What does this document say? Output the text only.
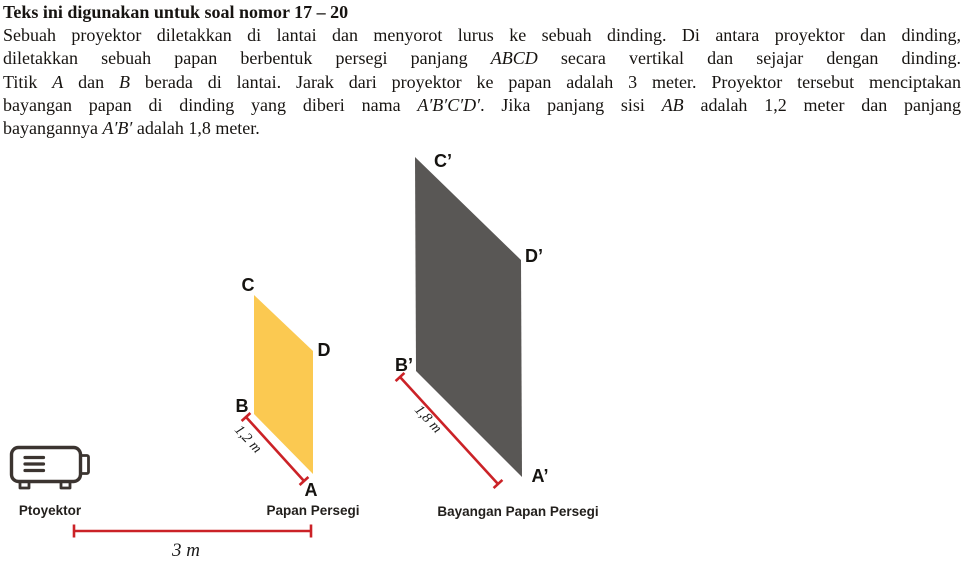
Teks ini digunakan untuk soal nomor 17 – 20
Sebuah proyektor diletakkan di lantai dan menyorot lurus ke sebuah dinding. Di antara proyektor dan dinding,
diletakkan sebuah papan berbentuk persegi panjang ABCD secara vertikal dan sejajar dengan dinding.
Titik A dan B berada di lantai. Jarak dari proyektor ke papan adalah 3 meter. Proyektor tersebut menciptakan
bayangan papan di dinding yang diberi nama A′B′C′D′. Jika panjang sisi AB adalah 1,2 meter dan panjang
bayangannya A′B′ adalah 1,8 meter.
C
D
B
A
C’
D’
B’
A’
1,2 m
1,8 m
3 m
Ptoyektor	Papan Persegi	Bayangan Papan Persegi
